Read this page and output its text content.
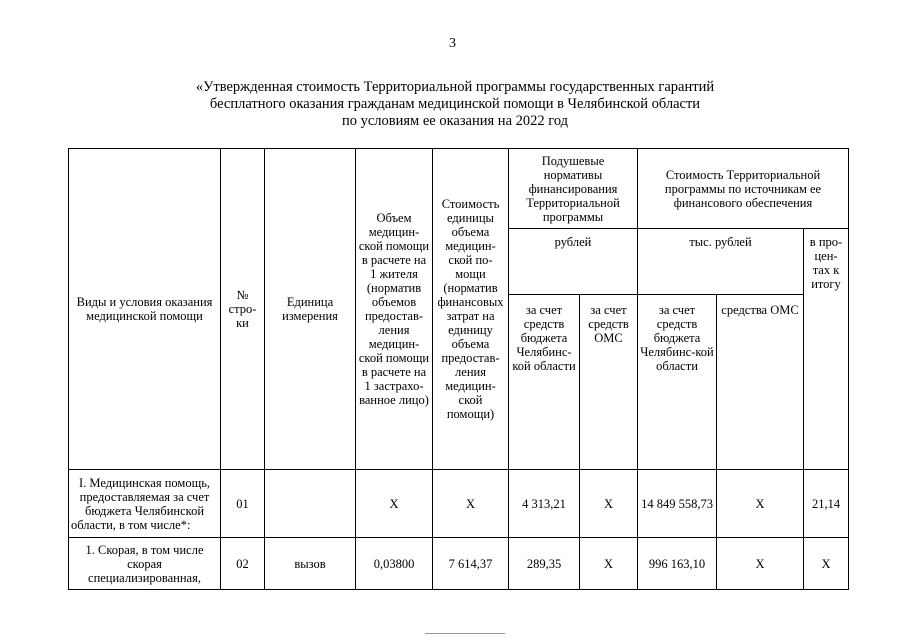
3
«Утвержденная стоимость Территориальной программы государственных гарантий
бесплатного оказания гражданам медицинской помощи в Челябинской области
по условиям ее оказания на 2022 год
Виды и условия оказания медицинской помощи	№ стро-ки	Единица измерения	Объем медицин-ской помощи в расчете на 1 жителя (норматив объемов предостав-ления медицин-ской помощи в расчете на 1 застрахо-ванное лицо)	Стоимость единицы объема медицин-ской по-мощи (норматив финансовых затрат на единицу объема предостав-ления медицин-ской помощи)	Подушевые нормативы финансирования Территориальной программы		Стоимость Территориальной программы по источникам ее финансового обеспечения		
					рублей		тыс. рублей		в про-цен-тах к итогу
					за счет средств бюджета Челябинс-кой области	за счет средств ОМС	за счет средств бюджета Челябинс-кой области	средства ОМС	
I. Медицинская помощь, предоставляемая за счет бюджета Челябинской области, в том числе*:	01		Х	Х	4 313,21	Х	14 849 558,73	Х	21,14
1. Скорая, в том числе скорая специализированная,	02	вызов	0,03800	7 614,37	289,35	Х	996 163,10	Х	Х
